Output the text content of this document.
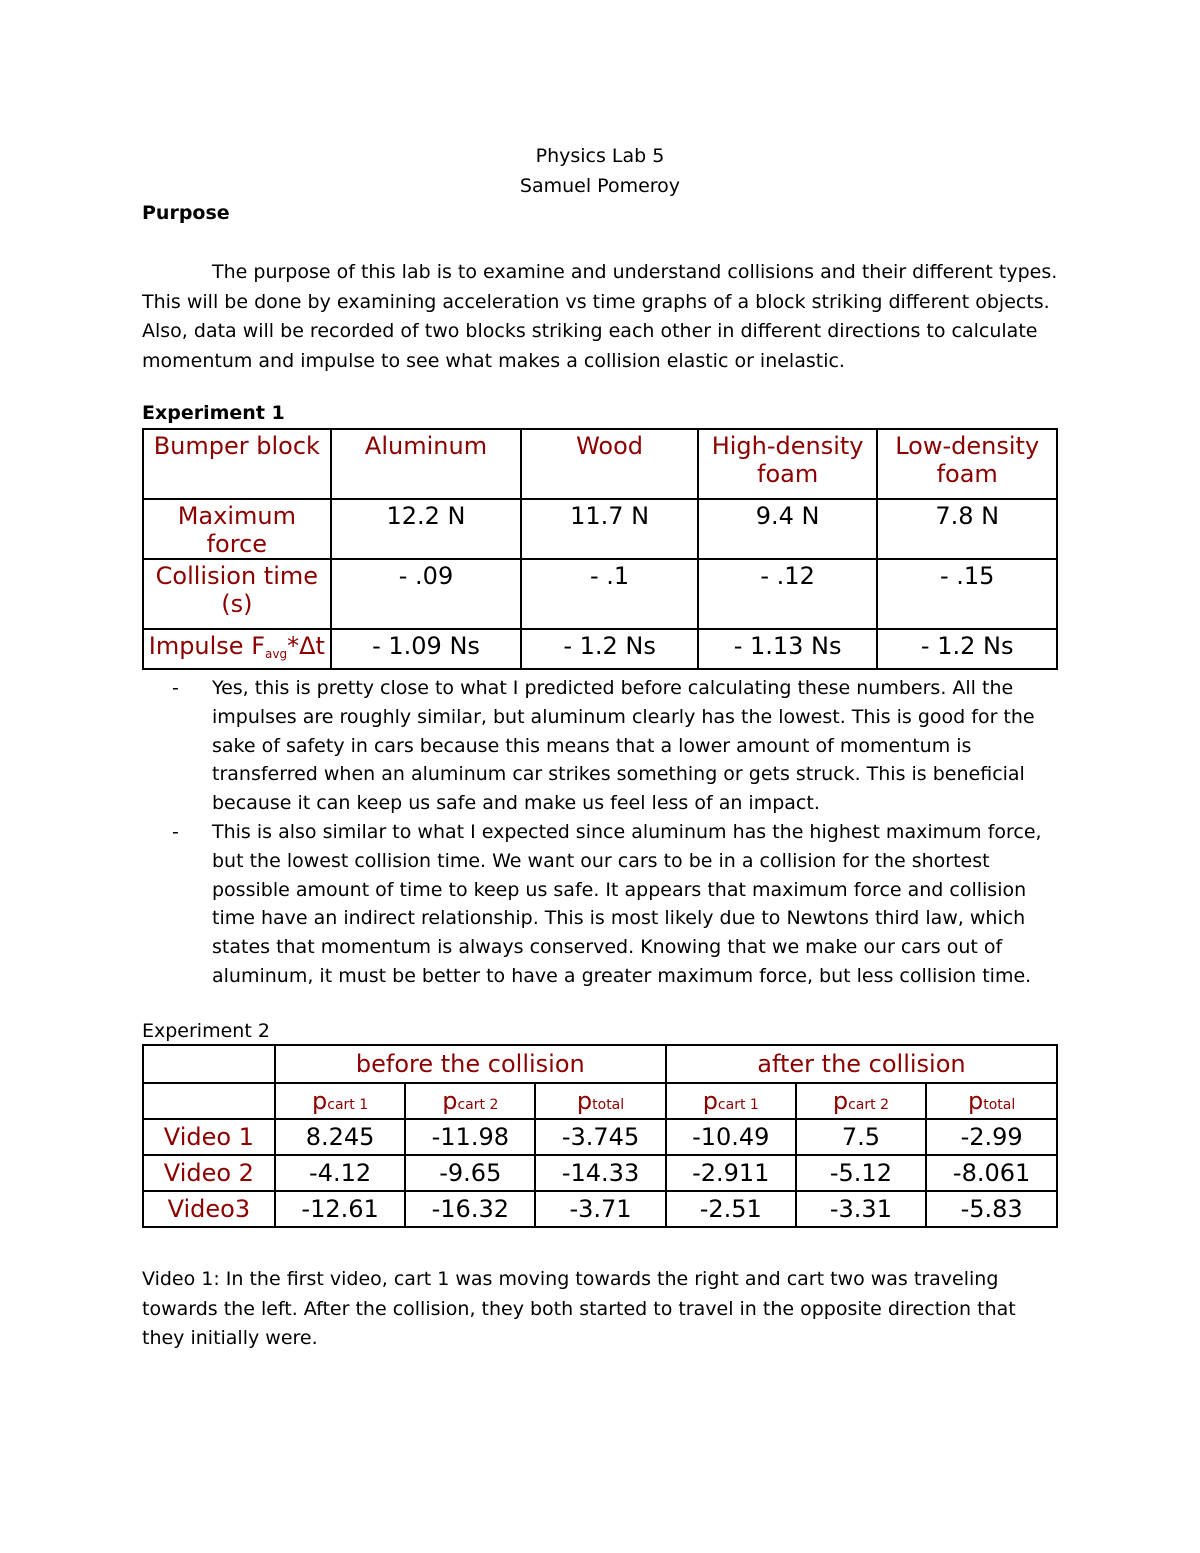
Physics Lab 5
Samuel Pomeroy
Purpose
The purpose of this lab is to examine and understand collisions and their different types. This will be done by examining acceleration vs time graphs of a block striking different objects. Also, data will be recorded of two blocks striking each other in different directions to calculate momentum and impulse to see what makes a collision elastic or inelastic.
Experiment 1
Bumper block	Aluminum	Wood	High-density foam	Low-density foam
Maximum force	12.2 N	11.7 N	9.4 N	7.8 N
Collision time (s)	- .09	- .1	- .12	- .15
Impulse $F_{avg}*\Delta t$	- 1.09 Ns	- 1.2 Ns	- 1.13 Ns	- 1.2 Ns
- Yes, this is pretty close to what I predicted before calculating these numbers. All the impulses are roughly similar, but aluminum clearly has the lowest. This is good for the sake of safety in cars because this means that a lower amount of momentum is transferred when an aluminum car strikes something or gets struck. This is beneficial because it can keep us safe and make us feel less of an impact.
- This is also similar to what I expected since aluminum has the highest maximum force, but the lowest collision time. We want our cars to be in a collision for the shortest possible amount of time to keep us safe. It appears that maximum force and collision time have an indirect relationship. This is most likely due to Newtons third law, which states that momentum is always conserved. Knowing that we make our cars out of aluminum, it must be better to have a greater maximum force, but less collision time.
Experiment 2
	before the collision			after the collision		
	pcart 1	pcart 2	ptotal	pcart 1	pcart 2	ptotal
Video 1	8.245	-11.98	-3.745	-10.49	7.5	-2.99
Video 2	-4.12	-9.65	-14.33	-2.911	-5.12	-8.061
Video3	-12.61	-16.32	-3.71	-2.51	-3.31	-5.83
Video 1: In the first video, cart 1 was moving towards the right and cart two was traveling towards the left. After the collision, they both started to travel in the opposite direction that they initially were.
